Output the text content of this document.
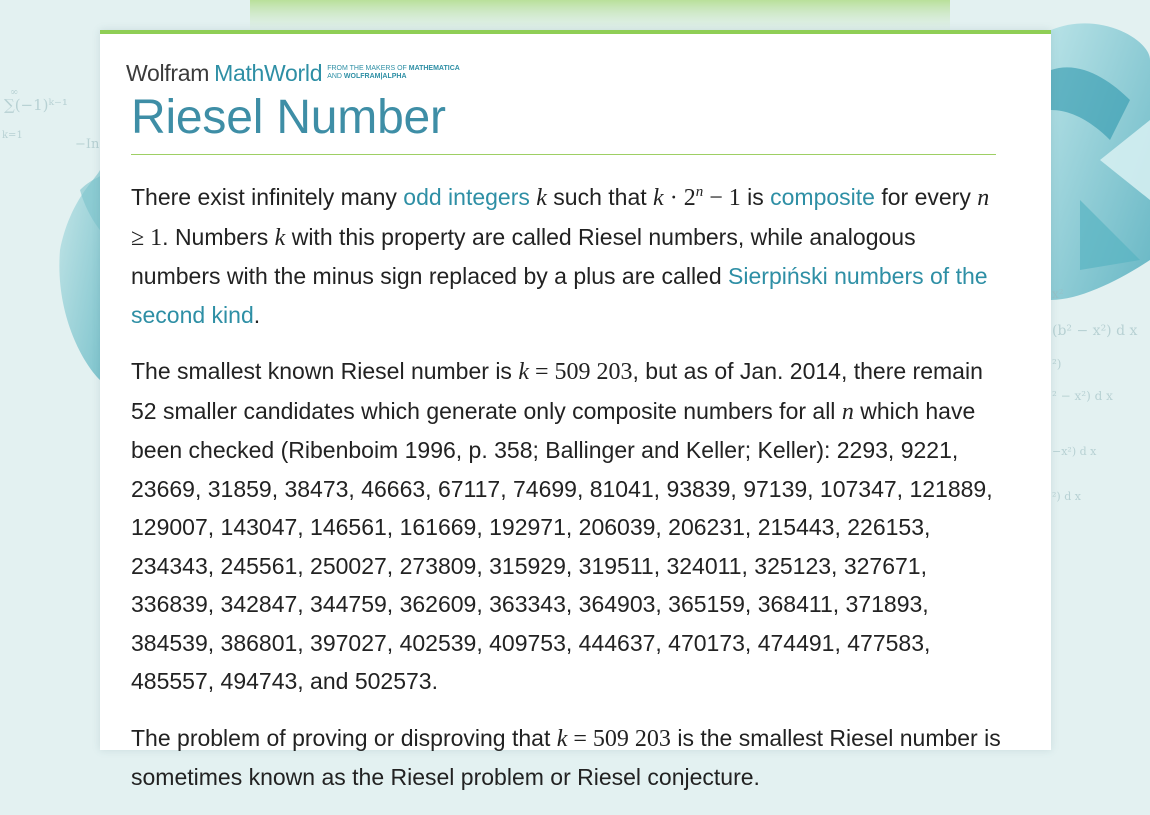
∞
∑(−1)ᵏ⁻¹
k=1
−In
x²
(b² − x²) d x
²)
² − x²) d x
−x²) d x
²) d x
Wolfram MathWorld FROM THE MAKERS OF MATHEMATICA
AND WOLFRAM|ALPHA
Riesel Number

There exist infinitely many odd integers k such that $k \cdot 2^n - 1$ is composite for every n ≥ 1. Numbers k with this property are called Riesel numbers, while analogous numbers with the minus sign replaced by a plus are called Sierpiński numbers of the second kind.

The smallest known Riesel number is k = 509 203, but as of Jan. 2014, there remain 52 smaller candidates which generate only composite numbers for all n which have been checked (Ribenboim 1996, p. 358; Ballinger and Keller; Keller): 2293, 9221, 23669, 31859, 38473, 46663, 67117, 74699, 81041, 93839, 97139, 107347, 121889, 129007, 143047, 146561, 161669, 192971, 206039, 206231, 215443, 226153, 234343, 245561, 250027, 273809, 315929, 319511, 324011, 325123, 327671, 336839, 342847, 344759, 362609, 363343, 364903, 365159, 368411, 371893, 384539, 386801, 397027, 402539, 409753, 444637, 470173, 474491, 477583, 485557, 494743, and 502573.

The problem of proving or disproving that k = 509 203 is the smallest Riesel number is sometimes known as the Riesel problem or Riesel conjecture.
